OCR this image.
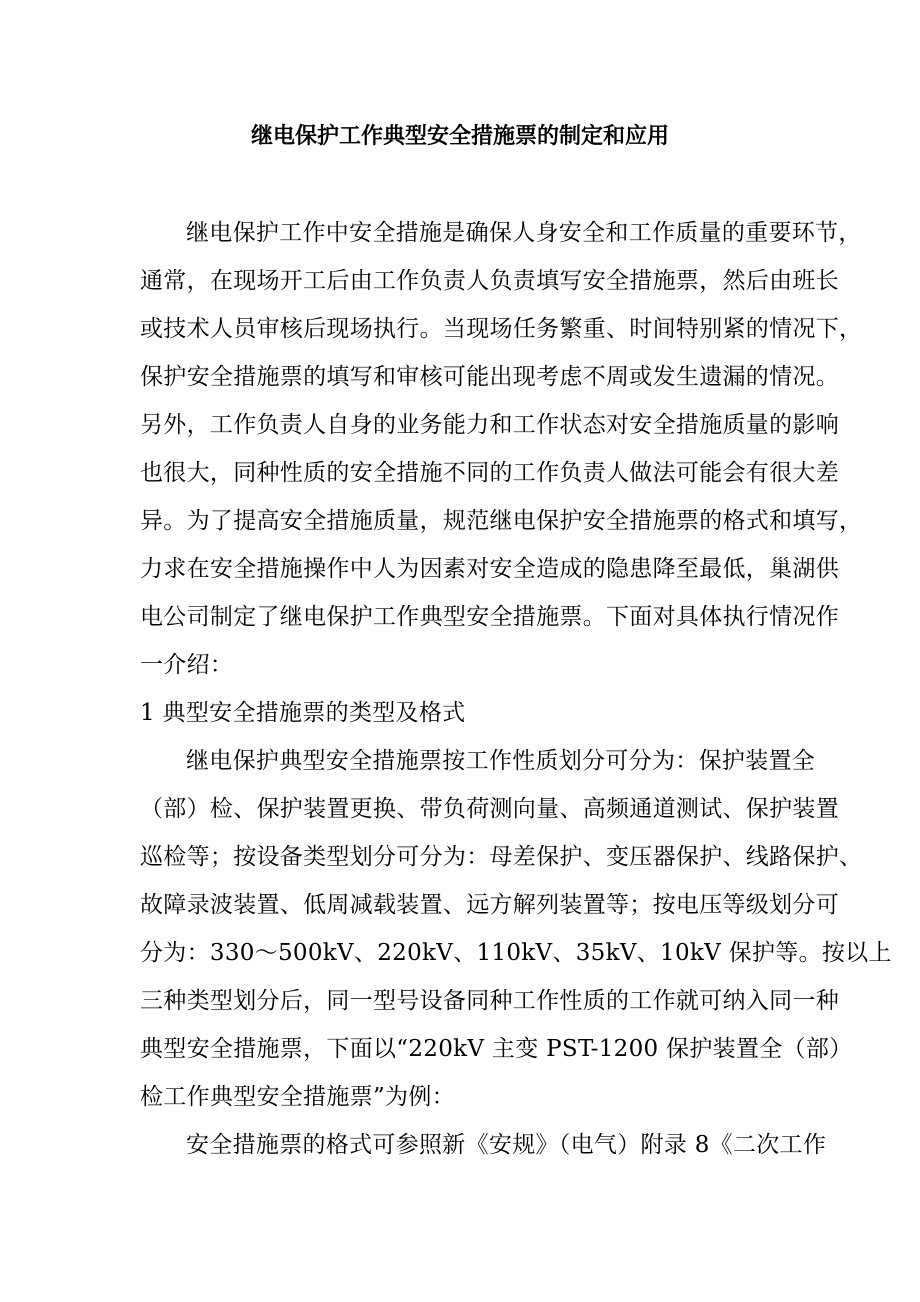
继电保护工作典型安全措施票的制定和应用
继电保护工作中安全措施是确保人身安全和工作质量的重要环节，
通常，在现场开工后由工作负责人负责填写安全措施票，然后由班长
或技术人员审核后现场执行。当现场任务繁重、时间特别紧的情况下，
保护安全措施票的填写和审核可能出现考虑不周或发生遗漏的情况。
另外，工作负责人自身的业务能力和工作状态对安全措施质量的影响
也很大，同种性质的安全措施不同的工作负责人做法可能会有很大差
异。为了提高安全措施质量，规范继电保护安全措施票的格式和填写，
力求在安全措施操作中人为因素对安全造成的隐患降至最低，巢湖供
电公司制定了继电保护工作典型安全措施票。下面对具体执行情况作
一介绍：
1 典型安全措施票的类型及格式
继电保护典型安全措施票按工作性质划分可分为：保护装置全
（部）检、保护装置更换、带负荷测向量、高频通道测试、保护装置
巡检等；按设备类型划分可分为：母差保护、变压器保护、线路保护、
故障录波装置、低周减载装置、远方解列装置等；按电压等级划分可
分为：330～500kV、220kV、110kV、35kV、10kV 保护等。按以上
三种类型划分后，同一型号设备同种工作性质的工作就可纳入同一种
典型安全措施票，下面以“220kV 主变 PST-1200 保护装置全（部）
检工作典型安全措施票”为例：
安全措施票的格式可参照新《安规》（电气）附录 8《二次工作
